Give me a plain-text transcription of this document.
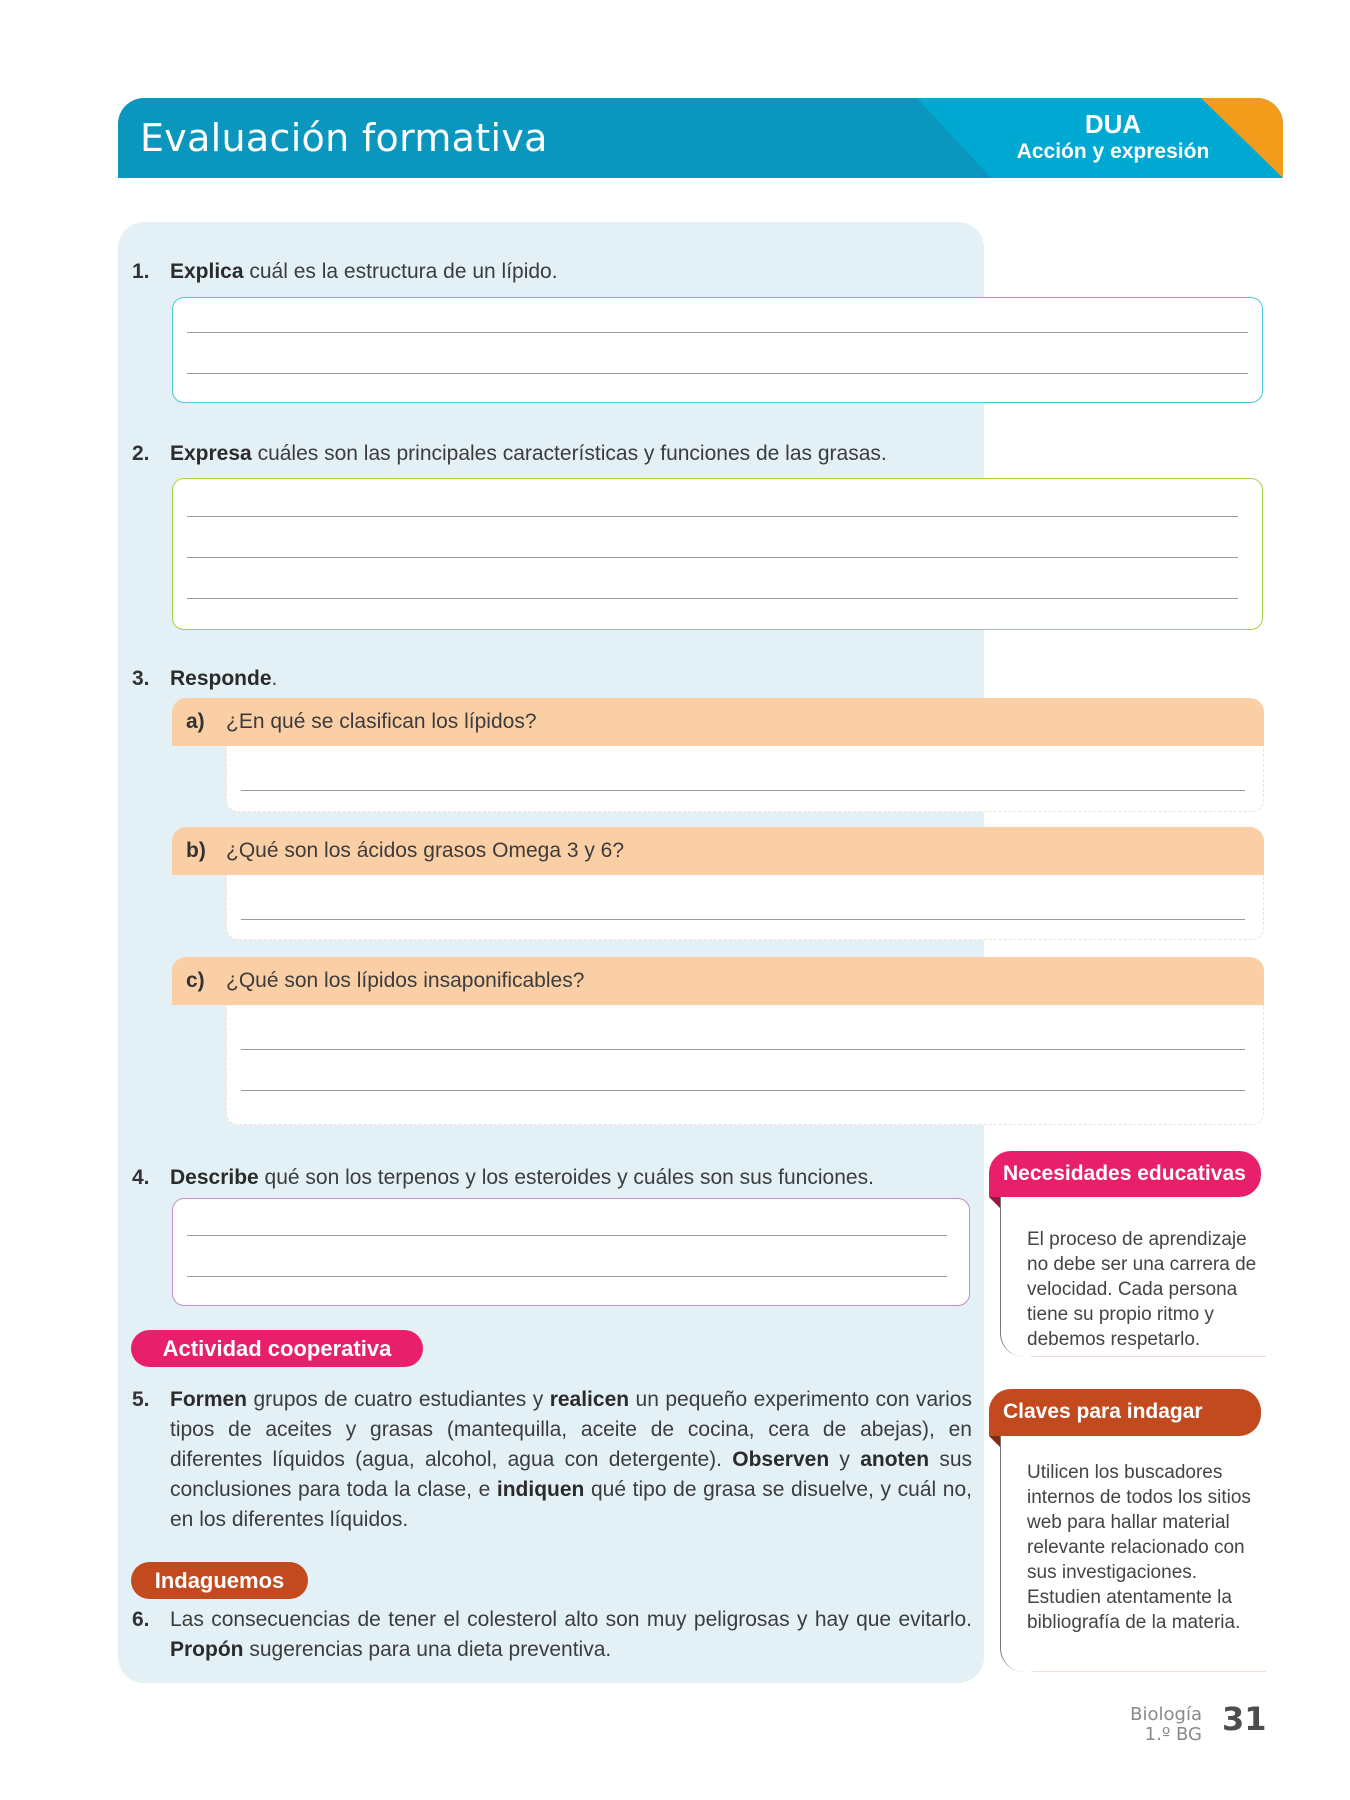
Evaluación formativa	DUA
Acción y expresión
1. Explica cuál es la estructura de un lípido.
2. Expresa cuáles son las principales características y funciones de las grasas.
3. Responde.
a) ¿En qué se clasifican los lípidos?
b) ¿Qué son los ácidos grasos Omega 3 y 6?
c) ¿Qué son los lípidos insaponificables?
4. Describe qué son los terpenos y los esteroides y cuáles son sus funciones.
Actividad cooperativa
5. Formen grupos de cuatro estudiantes y realicen un pequeño experimento con varios tipos de aceites y grasas (mantequilla, aceite de cocina, cera de abejas), en diferentes líquidos (agua, alcohol, agua con detergente). Observen y anoten sus conclusiones para toda la clase, e indiquen qué tipo de grasa se disuelve, y cuál no, en los diferentes líquidos.
Indaguemos
6. Las consecuencias de tener el colesterol alto son muy peligrosas y hay que evitarlo. Propón sugerencias para una dieta preventiva.
Necesidades educativas
El proceso de aprendizaje no debe ser una carrera de velocidad. Cada persona tiene su propio ritmo y debemos respetarlo.
Claves para indagar
Utilicen los buscadores internos de todos los sitios web para hallar material relevante relacionado con sus investigaciones. Estudien atentamente la bibliografía de la materia.
Biología
1.º BG 31
